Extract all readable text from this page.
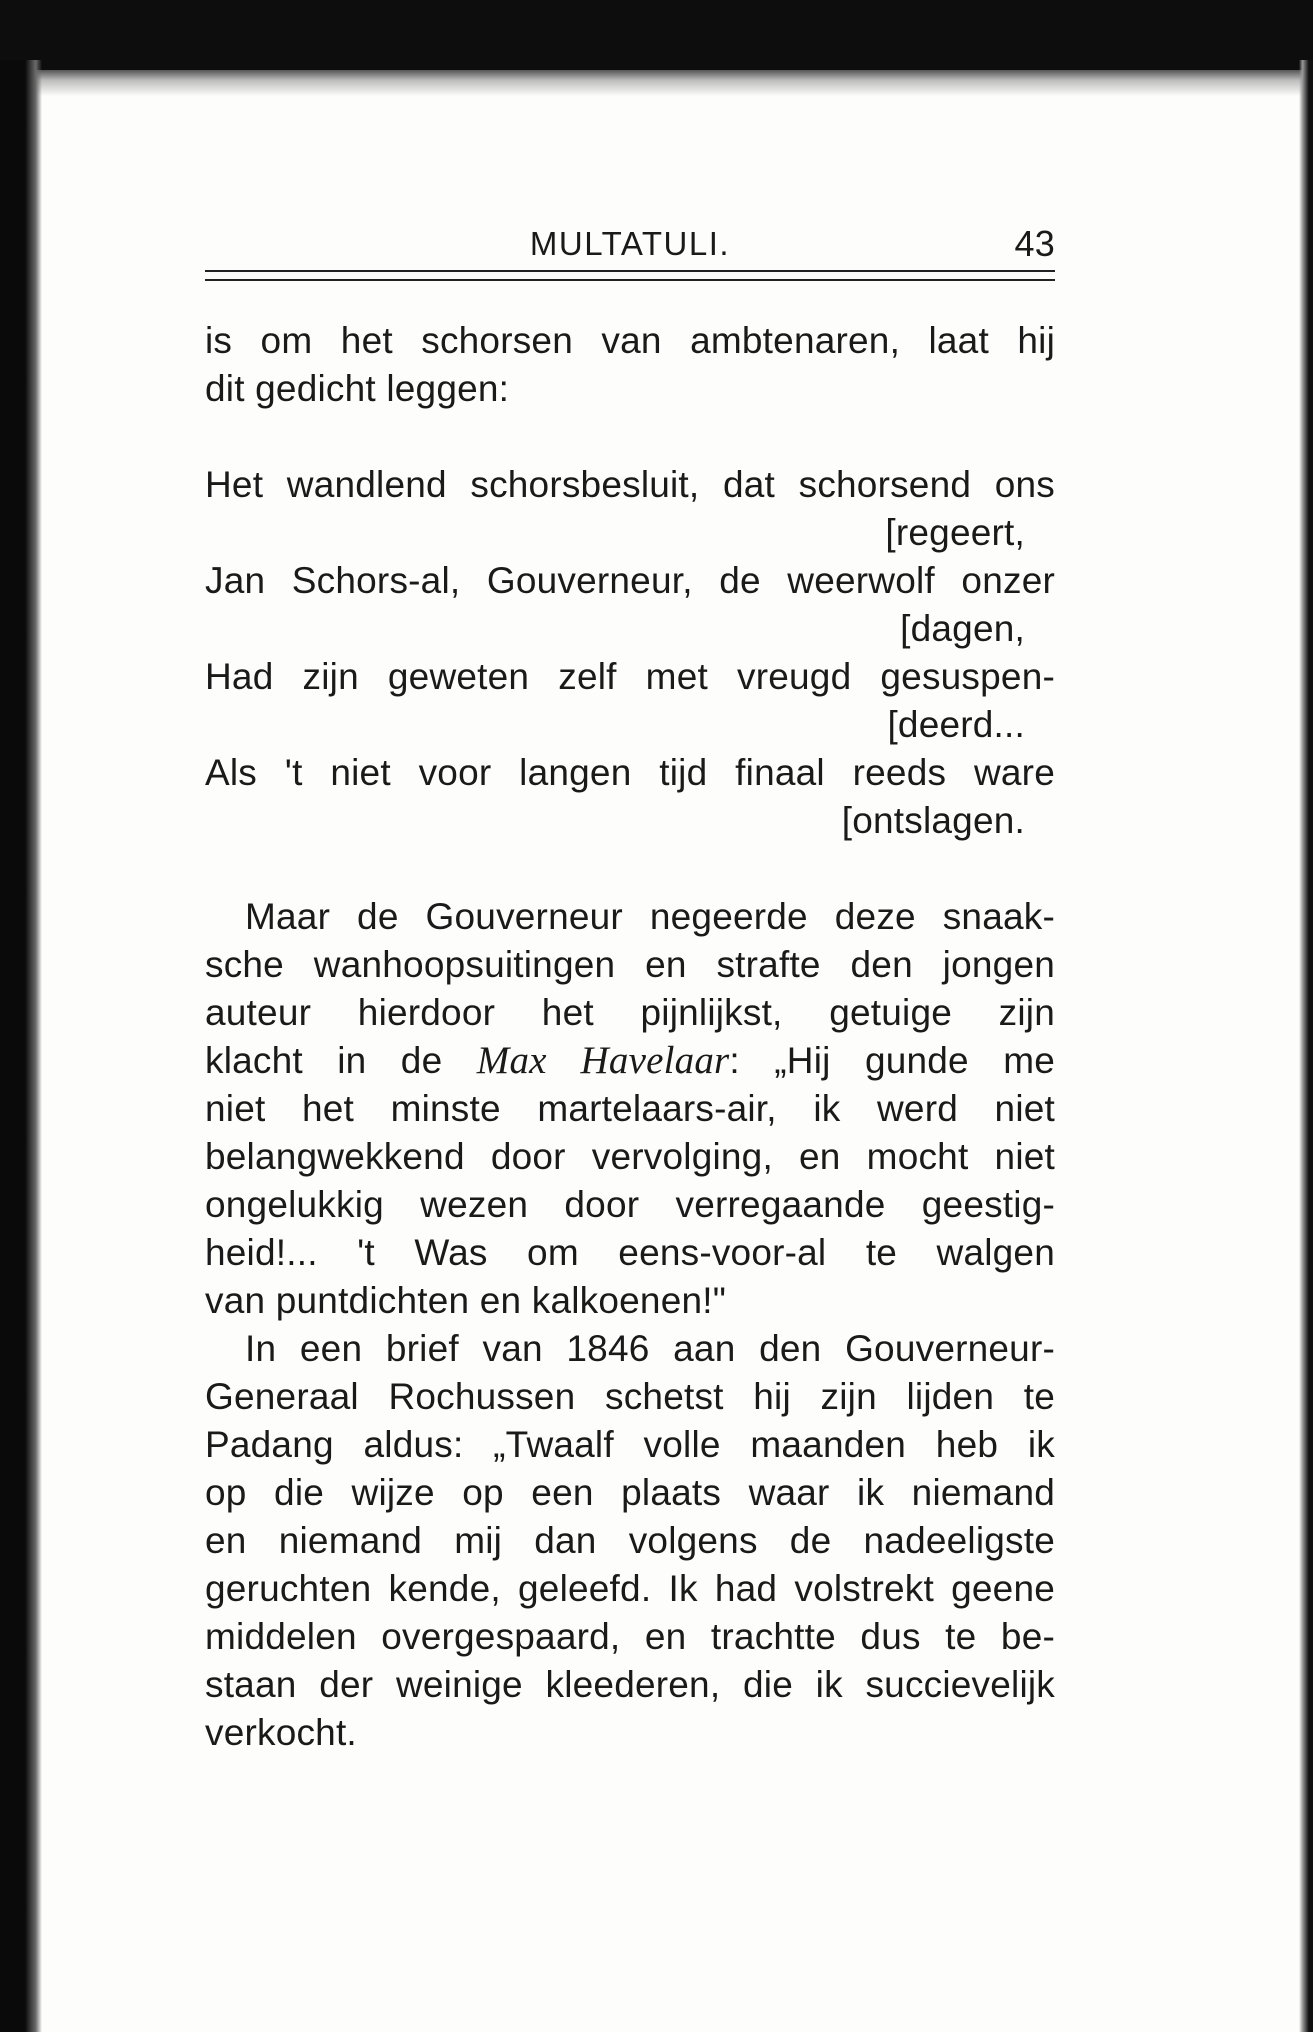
MULTATULI.	43

is om het schorsen van ambtenaren, laat hij
dit gedicht leggen:

Het wandlend schorsbesluit, dat schorsend ons
[regeert,
Jan Schors-al, Gouverneur, de weerwolf onzer
[dagen,
Had zijn geweten zelf met vreugd gesuspen-
[deerd...
Als 't niet voor langen tijd finaal reeds ware
[ontslagen.

Maar de Gouverneur negeerde deze snaak-
sche wanhoopsuitingen en strafte den jongen
auteur hierdoor het pijnlijkst, getuige zijn
klacht in de Max Havelaar: „Hij gunde me
niet het minste martelaars-air, ik werd niet
belangwekkend door vervolging, en mocht niet
ongelukkig wezen door verregaande geestig-
heid!... 't Was om eens-voor-al te walgen
van puntdichten en kalkoenen!"

In een brief van 1846 aan den Gouverneur-
Generaal Rochussen schetst hij zijn lijden te
Padang aldus: „Twaalf volle maanden heb ik
op die wijze op een plaats waar ik niemand
en niemand mij dan volgens de nadeeligste
geruchten kende, geleefd. Ik had volstrekt geene
middelen overgespaard, en trachtte dus te be-
staan der weinige kleederen, die ik succievelijk
verkocht.
